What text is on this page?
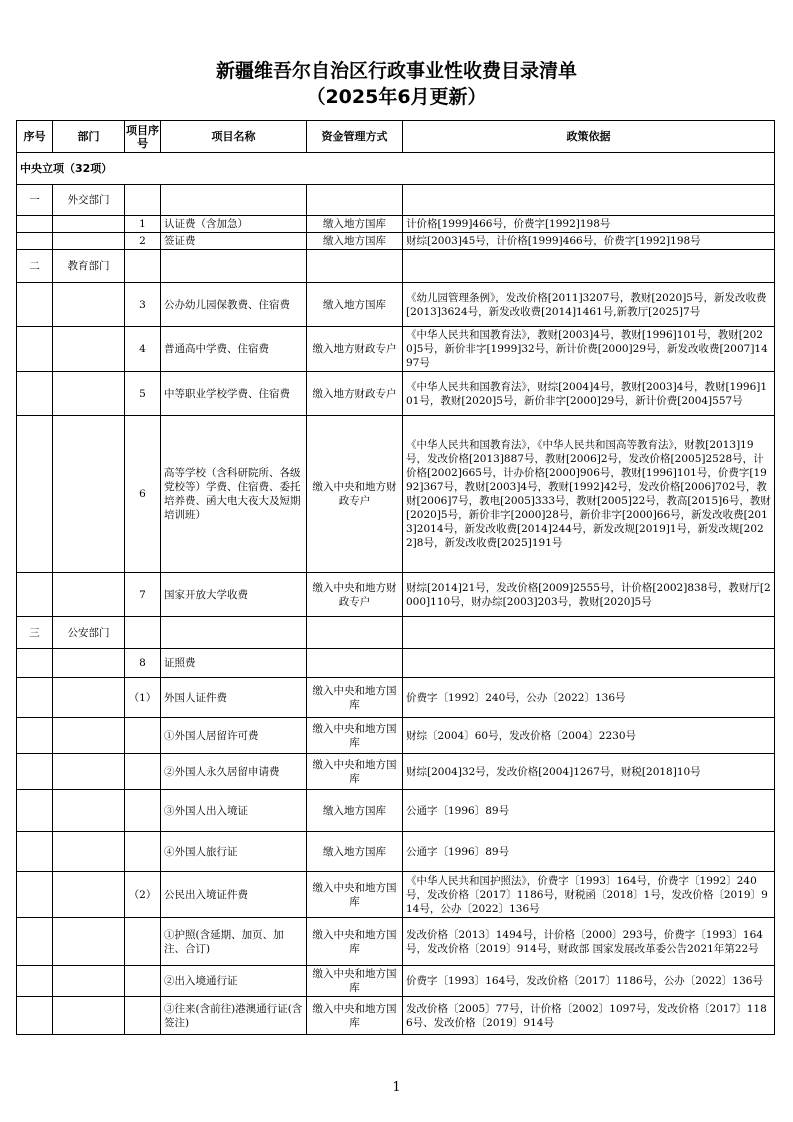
新疆维吾尔自治区行政事业性收费目录清单
（2025年6月更新）
序号	部门	项目序号	项目名称	资金管理方式	政策依据
中央立项（32项）					
一	外交部门				
		1	认证费（含加急）	缴入地方国库	计价格[1999]466号，价费字[1992]198号
		2	签证费	缴入地方国库	财综[2003]45号，计价格[1999]466号，价费字[1992]198号
二	教育部门				
		3	公办幼儿园保教费、住宿费	缴入地方国库	《幼儿园管理条例》，发改价格[2011]3207号，教财[2020]5号，新发改收费[2013]3624号，新发改收费[2014]1461号,新教厅[2025]7号
		4	普通高中学费、住宿费	缴入地方财政专户	《中华人民共和国教育法》，教财[2003]4号，教财[1996]101号，教财[2020]5号，新价非字[1999]32号，新计价费[2000]29号，新发改收费[2007]1497号
		5	中等职业学校学费、住宿费	缴入地方财政专户	《中华人民共和国教育法》，财综[2004]4号，教财[2003]4号，教财[1996]101号，教财[2020]5号，新价非字[2000]29号，新计价费[2004]557号
		6	高等学校（含科研院所、各级党校等）学费、住宿费、委托培养费、函大电大夜大及短期培训班）	缴入中央和地方财政专户	《中华人民共和国教育法》，《中华人民共和国高等教育法》，财教[2013]19号，发改价格[2013]887号，教财[2006]2号，发改价格[2005]2528号，计价格[2002]665号，计办价格[2000]906号，教财[1996]101号，价费字[1992]367号，教财[2003]4号，教财[1992]42号，发改价格[2006]702号，教财[2006]7号，教电[2005]333号，教财[2005]22号，教高[2015]6号，教财[2020]5号，新价非字[2000]28号，新价非字[2000]66号，新发改收费[2013]2014号，新发改收费[2014]244号，新发改规[2019]1号，新发改规[2022]8号，新发改收费[2025]191号
		7	国家开放大学收费	缴入中央和地方财政专户	财综[2014]21号，发改价格[2009]2555号，计价格[2002]838号，教财厅[2000]110号，财办综[2003]203号，教财[2020]5号
三	公安部门				
		8	证照费		
		（1）	外国人证件费	缴入中央和地方国库	价费字〔1992〕240号，公办〔2022〕136号
			①外国人居留许可费	缴入中央和地方国库	财综〔2004〕60号，发改价格〔2004〕2230号
			②外国人永久居留申请费	缴入中央和地方国库	财综[2004]32号，发改价格[2004]1267号，财税[2018]10号
			③外国人出入境证	缴入地方国库	公通字〔1996〕89号
			④外国人旅行证	缴入地方国库	公通字〔1996〕89号
		（2）	公民出入境证件费	缴入中央和地方国库	《中华人民共和国护照法》，价费字〔1993〕164号，价费字〔1992〕240号，发改价格〔2017〕1186号，财税函〔2018〕1号，发改价格〔2019〕914号，公办〔2022〕136号
			①护照(含延期、加页、加注、合订)	缴入中央和地方国库	发改价格〔2013〕1494号，计价格〔2000〕293号，价费字〔1993〕164号，发改价格〔2019〕914号，财政部 国家发展改革委公告2021年第22号
			②出入境通行证	缴入中央和地方国库	价费字〔1993〕164号，发改价格〔2017〕1186号，公办〔2022〕136号
			③往来(含前往)港澳通行证(含签注)	缴入中央和地方国库	发改价格〔2005〕77号，计价格〔2002〕1097号，发改价格〔2017〕1186号、发改价格〔2019〕914号
1
